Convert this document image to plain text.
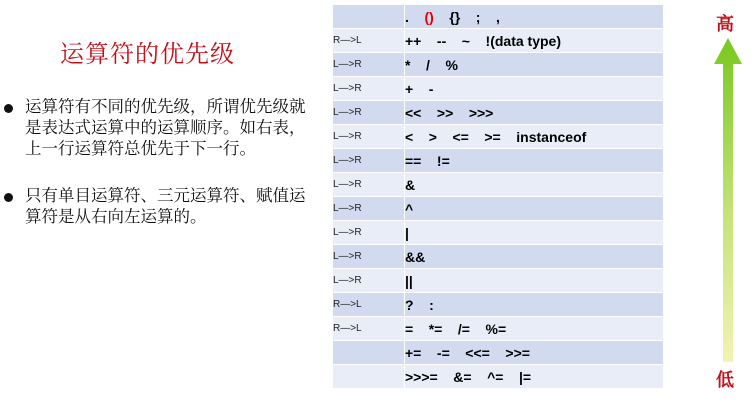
运算符的优先级
运算符有不同的优先级，所谓优先级就是表达式运算中的运算顺序。如右表，上一行运算符总优先于下一行。
只有单目运算符、三元运算符、赋值运算符是从右向左运算的。
	. () {}    ;    ,
R—>L	++    --    ~    !(data type)
L—>R	*    /    %
L—>R	+    -
L—>R	<<    >>    >>>
L—>R	<    >    <=    >=    instanceof
L—>R	==    !=
L—>R	&
L—>R	^
L—>R	|
L—>R	&&
L—>R	||
R—>L	?    :
R—>L	=    *=    /=    %=
	+=    -=    <<=    >>=
	>>>=    &=    ^=    |=
高
低
